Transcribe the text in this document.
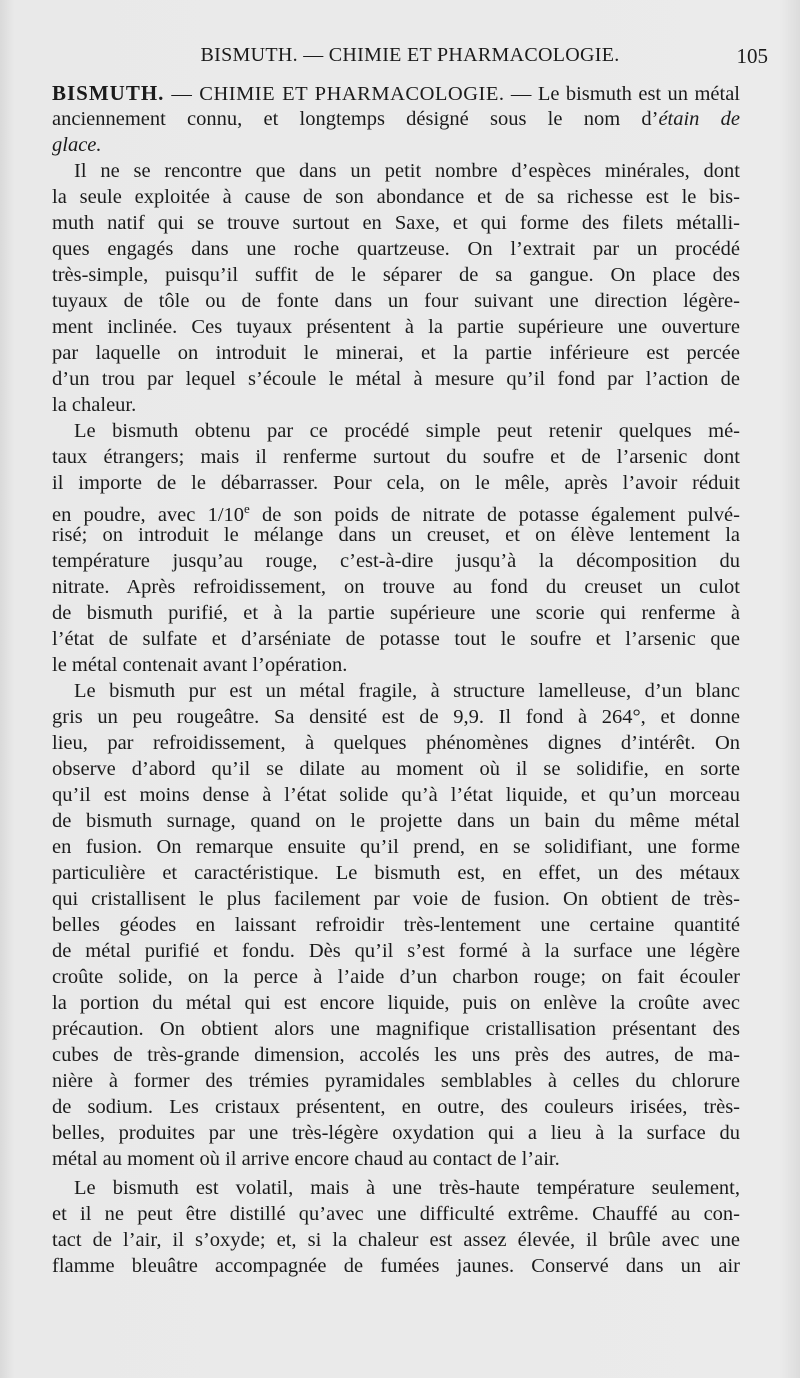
BISMUTH. — CHIMIE ET PHARMACOLOGIE.	105
BISMUTH. — CHIMIE ET PHARMACOLOGIE. — Le bismuth est un métal
anciennement connu, et longtemps désigné sous le nom d’étain de
glace.
Il ne se rencontre que dans un petit nombre d’espèces minérales, dont
la seule exploitée à cause de son abondance et de sa richesse est le bis-
muth natif qui se trouve surtout en Saxe, et qui forme des filets métalli-
ques engagés dans une roche quartzeuse. On l’extrait par un procédé
très-simple, puisqu’il suffit de le séparer de sa gangue. On place des
tuyaux de tôle ou de fonte dans un four suivant une direction légère-
ment inclinée. Ces tuyaux présentent à la partie supérieure une ouverture
par laquelle on introduit le minerai, et la partie inférieure est percée
d’un trou par lequel s’écoule le métal à mesure qu’il fond par l’action de
la chaleur.
Le bismuth obtenu par ce procédé simple peut retenir quelques mé-
taux étrangers; mais il renferme surtout du soufre et de l’arsenic dont
il importe de le débarrasser. Pour cela, on le mêle, après l’avoir réduit
en poudre, avec 1/10e de son poids de nitrate de potasse également pulvé-
risé; on introduit le mélange dans un creuset, et on élève lentement la
température jusqu’au rouge, c’est-à-dire jusqu’à la décomposition du
nitrate. Après refroidissement, on trouve au fond du creuset un culot
de bismuth purifié, et à la partie supérieure une scorie qui renferme à
l’état de sulfate et d’arséniate de potasse tout le soufre et l’arsenic que
le métal contenait avant l’opération.
Le bismuth pur est un métal fragile, à structure lamelleuse, d’un blanc
gris un peu rougeâtre. Sa densité est de 9,9. Il fond à 264°, et donne
lieu, par refroidissement, à quelques phénomènes dignes d’intérêt. On
observe d’abord qu’il se dilate au moment où il se solidifie, en sorte
qu’il est moins dense à l’état solide qu’à l’état liquide, et qu’un morceau
de bismuth surnage, quand on le projette dans un bain du même métal
en fusion. On remarque ensuite qu’il prend, en se solidifiant, une forme
particulière et caractéristique. Le bismuth est, en effet, un des métaux
qui cristallisent le plus facilement par voie de fusion. On obtient de très-
belles géodes en laissant refroidir très-lentement une certaine quantité
de métal purifié et fondu. Dès qu’il s’est formé à la surface une légère
croûte solide, on la perce à l’aide d’un charbon rouge; on fait écouler
la portion du métal qui est encore liquide, puis on enlève la croûte avec
précaution. On obtient alors une magnifique cristallisation présentant des
cubes de très-grande dimension, accolés les uns près des autres, de ma-
nière à former des trémies pyramidales semblables à celles du chlorure
de sodium. Les cristaux présentent, en outre, des couleurs irisées, très-
belles, produites par une très-légère oxydation qui a lieu à la surface du
métal au moment où il arrive encore chaud au contact de l’air.
Le bismuth est volatil, mais à une très-haute température seulement,
et il ne peut être distillé qu’avec une difficulté extrême. Chauffé au con-
tact de l’air, il s’oxyde; et, si la chaleur est assez élevée, il brûle avec une
flamme bleuâtre accompagnée de fumées jaunes. Conservé dans un air
